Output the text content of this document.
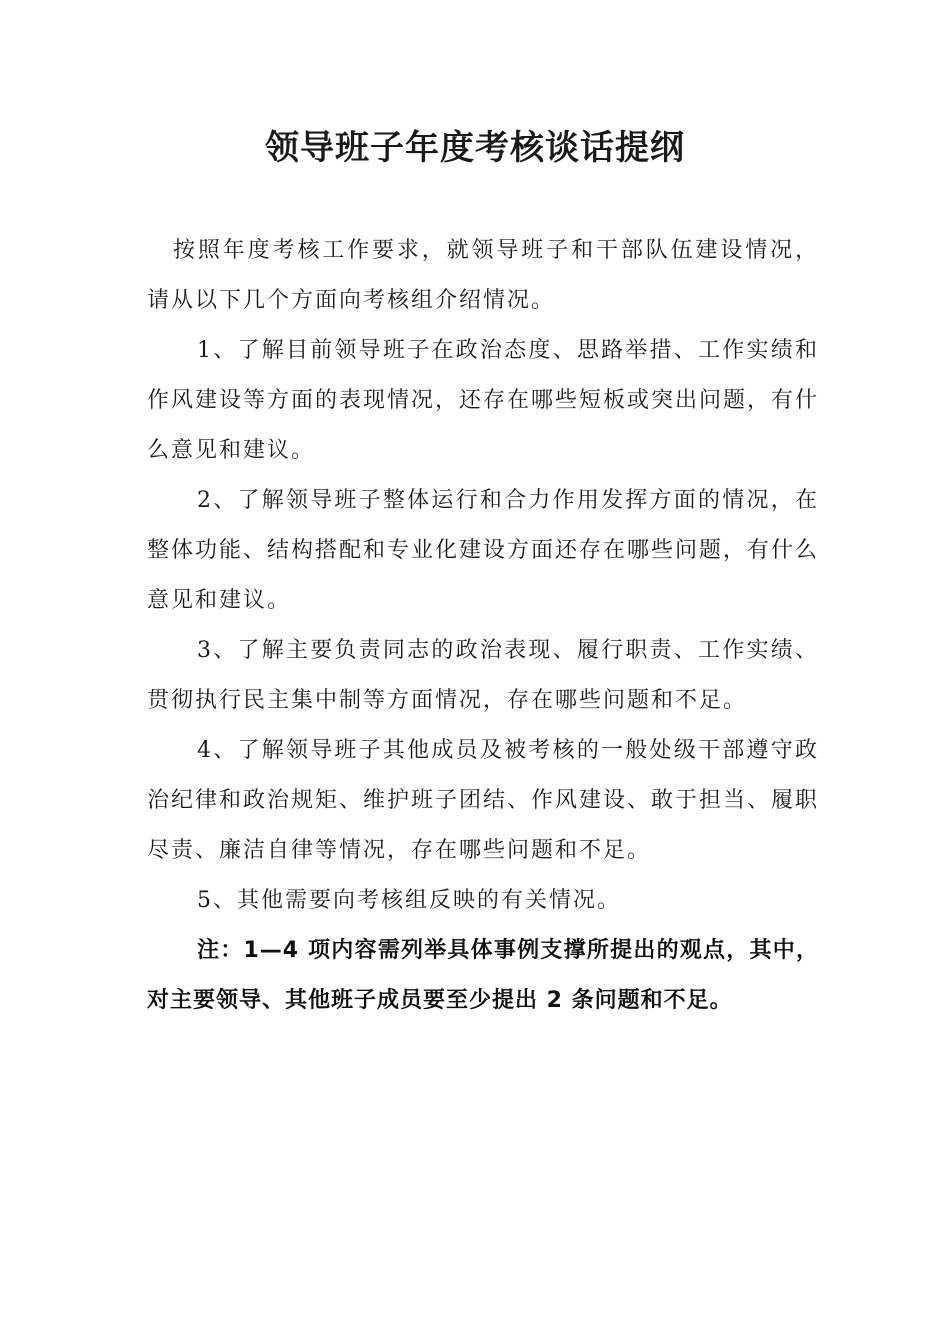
领导班子年度考核谈话提纲

按照年度考核工作要求，就领导班子和干部队伍建设情况，请从以下几个方面向考核组介绍情况。

1、了解目前领导班子在政治态度、思路举措、工作实绩和作风建设等方面的表现情况，还存在哪些短板或突出问题，有什么意见和建议。

2、了解领导班子整体运行和合力作用发挥方面的情况，在整体功能、结构搭配和专业化建设方面还存在哪些问题，有什么意见和建议。

3、了解主要负责同志的政治表现、履行职责、工作实绩、贯彻执行民主集中制等方面情况，存在哪些问题和不足。

4、了解领导班子其他成员及被考核的一般处级干部遵守政治纪律和政治规矩、维护班子团结、作风建设、敢于担当、履职尽责、廉洁自律等情况，存在哪些问题和不足。

5、其他需要向考核组反映的有关情况。

注：1—4 项内容需列举具体事例支撑所提出的观点，其中，对主要领导、其他班子成员要至少提出 2 条问题和不足。
